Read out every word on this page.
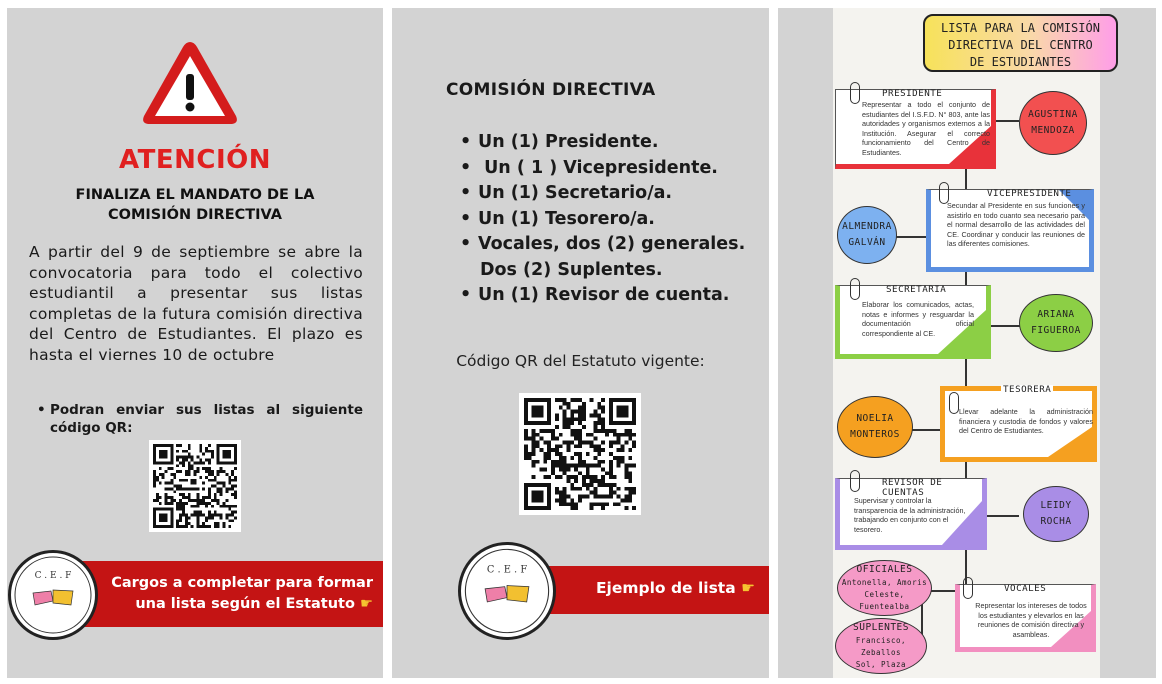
ATENCIÓN
FINALIZA EL MANDATO DE LA
COMISIÓN DIRECTIVA
A partir del 9 de septiembre se abre la convocatoria para todo el colectivo estudiantil a presentar sus listas completas de la futura comisión directiva del Centro de Estudiantes. El plazo es hasta el viernes 10 de octubre
• Podran enviar sus listas al siguiente código QR:
Cargos a completar para formar
una lista según el Estatuto ☛
C . E . F
COMISIÓN DIRECTIVA
• Un (1) Presidente.
• Un ( 1 ) Vicepresidente.
• Un (1) Secretario/a.
• Un (1) Tesorero/a.
• Vocales, dos (2) generales.
Dos (2) Suplentes.
• Un (1) Revisor de cuenta.
Código QR del Estatuto vigente:
Ejemplo de lista ☛
C . E . F
LISTA PARA LA COMISIÓN
DIRECTIVA DEL CENTRO
DE ESTUDIANTES
PRESIDENTE
Representar a todo el conjunto de estudiantes del I.S.F.D. N° 803, ante las autoridades y organismos externos a la Institución. Asegurar el correcto funcionamiento del Centro de Estudiantes.
AGUSTINA
MENDOZA
VICEPRESIDENTE
Secundar al Presidente en sus funciones y asistirlo en todo cuanto sea necesario para el normal desarrollo de las actividades del CE. Coordinar y conducir las reuniones de las diferentes comisiones.
ALMENDRA
GALVÁN
SECRETARIA
Elaborar los comunicados, actas, notas e informes y resguardar la documentación oficial correspondiente al CE.
ARIANA
FIGUEROA
TESORERA
Llevar adelante la administración financiera y custodia de fondos y valores del Centro de Estudiantes.
NOELIA
MONTEROS
REVISOR DE CUENTAS
Supervisar y controlar la transparencia de la administración, trabajando en conjunto con el tesorero.
LEIDY
ROCHA
VOCALES
Representar los intereses de todos los estudiantes y elevarlos en las reuniones de comisión directiva y asambleas.
OFICIALES
Antonella, Amoris
Celeste, Fuentealba
SUPLENTES
Francisco, Zeballos
Sol, Plaza
